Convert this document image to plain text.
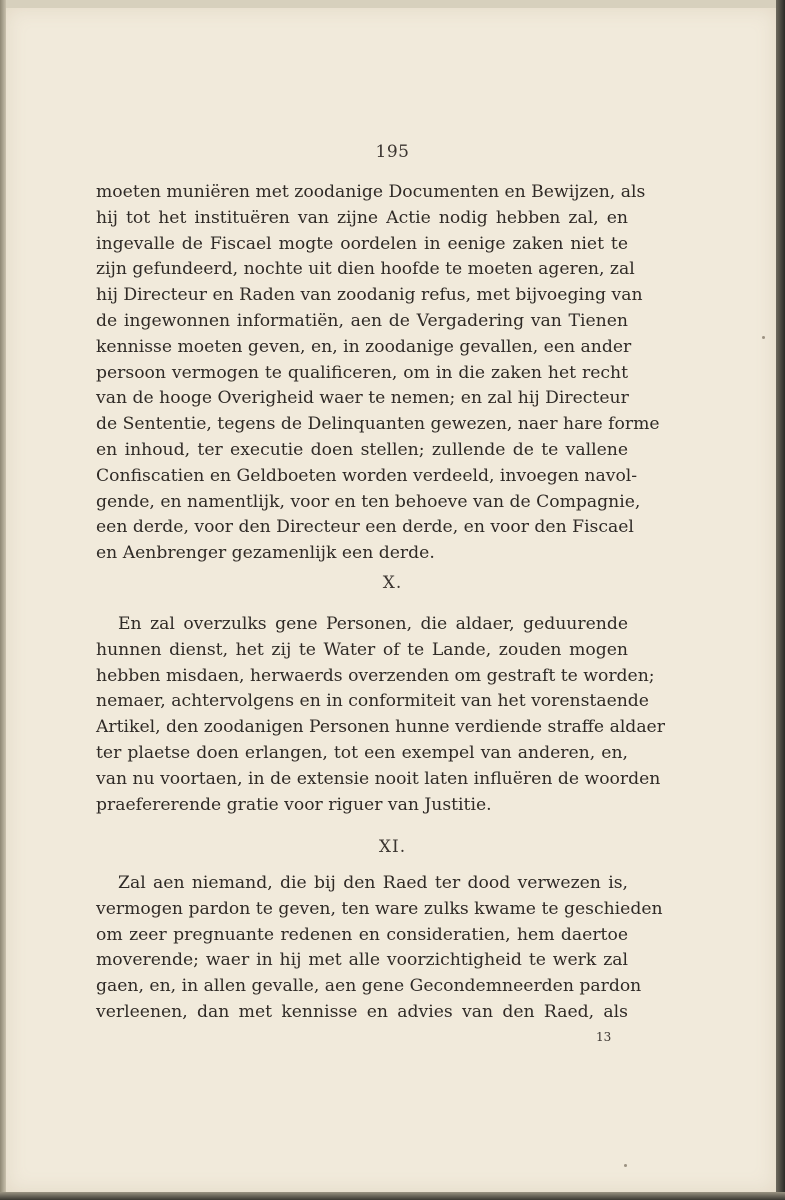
195
moeten muniëren met zoodanige Documenten en Bewijzen, als
hij tot het instituëren van zijne Actie nodig hebben zal, en
ingevalle de Fiscael mogte oordelen in eenige zaken niet te
zijn gefundeerd, nochte uit dien hoofde te moeten ageren, zal
hij Directeur en Raden van zoodanig refus, met bijvoeging van
de ingewonnen informatiën, aen de Vergadering van Tienen
kennisse moeten geven, en, in zoodanige gevallen, een ander
persoon vermogen te qualificeren, om in die zaken het recht
van de hooge Overigheid waer te nemen; en zal hij Directeur
de Sententie, tegens de Delinquanten gewezen, naer hare forme
en inhoud, ter executie doen stellen; zullende de te vallene
Confiscatien en Geldboeten worden verdeeld, invoegen navol-
gende, en namentlijk, voor en ten behoeve van de Compagnie,
een derde, voor den Directeur een derde, en voor den Fiscael
en Aenbrenger gezamenlijk een derde.
X.
En zal overzulks gene Personen, die aldaer, geduurende
hunnen dienst, het zij te Water of te Lande, zouden mogen
hebben misdaen, herwaerds overzenden om gestraft te worden;
nemaer, achtervolgens en in conformiteit van het vorenstaende
Artikel, den zoodanigen Personen hunne verdiende straffe aldaer
ter plaetse doen erlangen, tot een exempel van anderen, en,
van nu voortaen, in de extensie nooit laten influëren de woorden
praefererende gratie voor riguer van Justitie.
XI.
Zal aen niemand, die bij den Raed ter dood verwezen is,
vermogen pardon te geven, ten ware zulks kwame te geschieden
om zeer pregnuante redenen en consideratien, hem daertoe
moverende; waer in hij met alle voorzichtigheid te werk zal
gaen, en, in allen gevalle, aen gene Gecondemneerden pardon
verleenen, dan met kennisse en advies van den Raed, als
13
